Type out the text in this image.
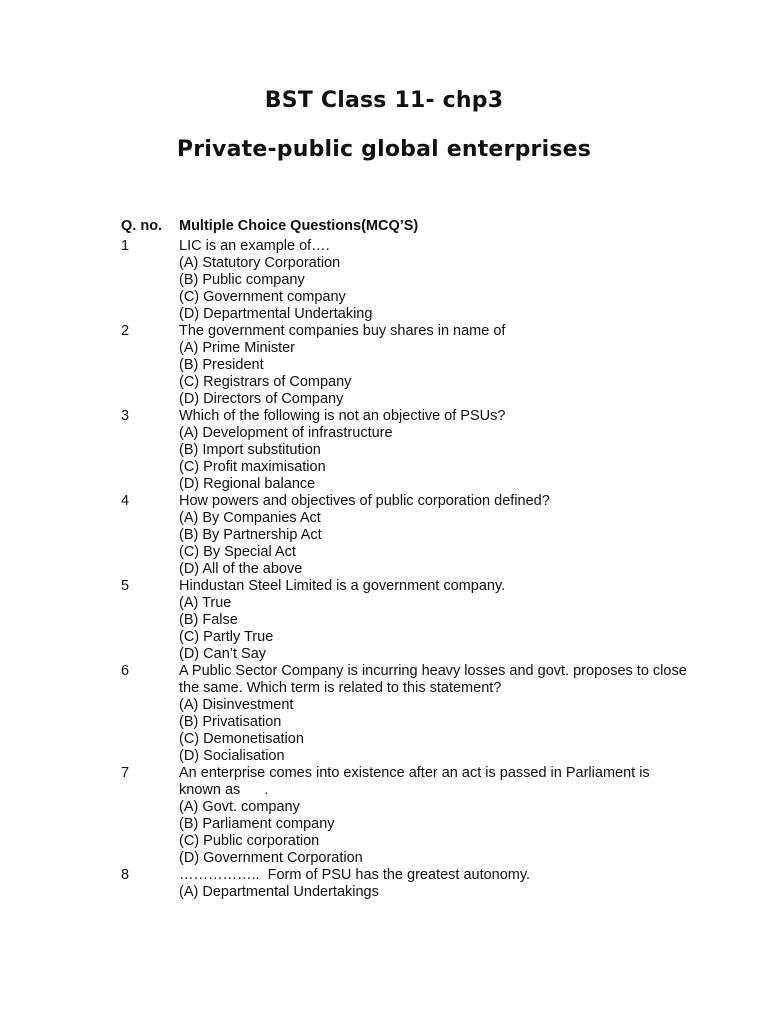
BST Class 11- chp3
Private-public global enterprises
Q. no.	Multiple Choice Questions(MCQ’S)
1	LIC is an example of….
(A) Statutory Corporation
(B) Public company
(C) Government company
(D) Departmental Undertaking
2	The government companies buy shares in name of
(A) Prime Minister
(B) President
(C) Registrars of Company
(D) Directors of Company
3	Which of the following is not an objective of PSUs?
(A) Development of infrastructure
(B) Import substitution
(C) Profit maximisation
(D) Regional balance
4	How powers and objectives of public corporation defined?
(A) By Companies Act
(B) By Partnership Act
(C) By Special Act
(D) All of the above
5	Hindustan Steel Limited is a government company.
(A) True
(B) False
(C) Partly True
(D) Can’t Say
6	A Public Sector Company is incurring heavy losses and govt. proposes to close
the same. Which term is related to this statement?
(A) Disinvestment
(B) Privatisation
(C) Demonetisation
(D) Socialisation
7	An enterprise comes into existence after an act is passed in Parliament is
known as      .
(A) Govt. company
(B) Parliament company
(C) Public corporation
(D) Government Corporation
8	……………..  Form of PSU has the greatest autonomy.
(A) Departmental Undertakings
